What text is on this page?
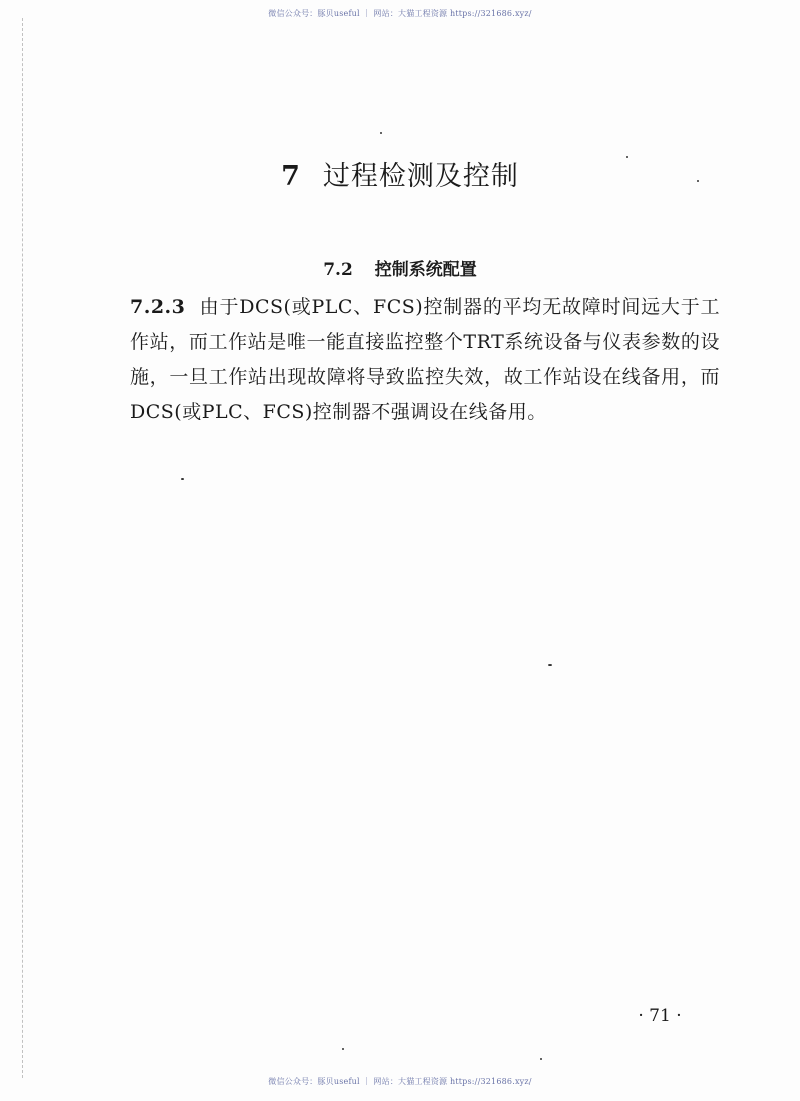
微信公众号：豚贝useful ｜ 网站：大猫工程资源 https://321686.xyz/
7 过程检测及控制
7.2 控制系统配置
7.2.3 由于DCS(或PLC、FCS)控制器的平均无故障时间远大于工作站，而工作站是唯一能直接监控整个TRT系统设备与仪表参数的设施，一旦工作站出现故障将导致监控失效，故工作站设在线备用，而DCS(或PLC、FCS)控制器不强调设在线备用。
· 71 ·
微信公众号：豚贝useful ｜ 网站：大猫工程资源 https://321686.xyz/
